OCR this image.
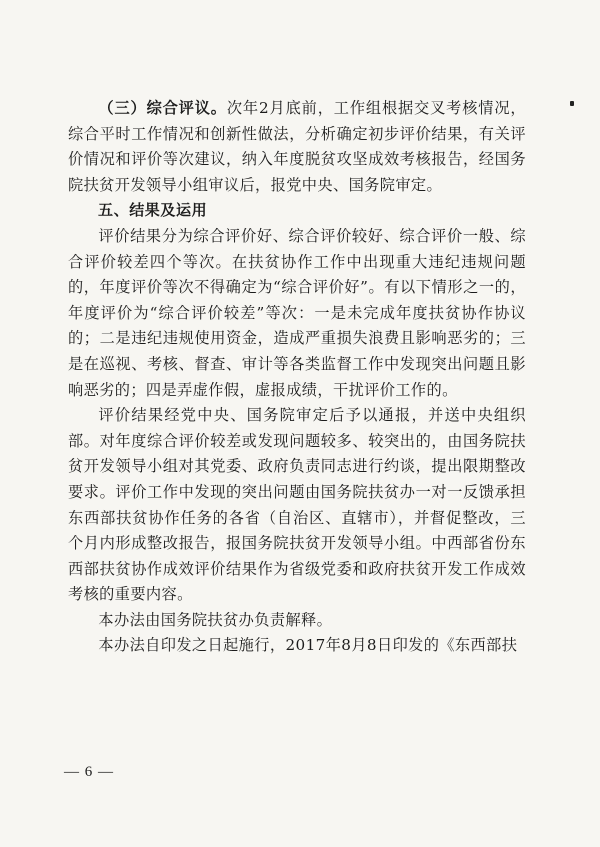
（三）综合评议。次年2月底前，工作组根据交叉考核情况，综合平时工作情况和创新性做法，分析确定初步评价结果，有关评价情况和评价等次建议，纳入年度脱贫攻坚成效考核报告，经国务院扶贫开发领导小组审议后，报党中央、国务院审定。

五、结果及运用

评价结果分为综合评价好、综合评价较好、综合评价一般、综合评价较差四个等次。在扶贫协作工作中出现重大违纪违规问题的，年度评价等次不得确定为“综合评价好”。有以下情形之一的，年度评价为“综合评价较差”等次：一是未完成年度扶贫协作协议的；二是违纪违规使用资金，造成严重损失浪费且影响恶劣的；三是在巡视、考核、督查、审计等各类监督工作中发现突出问题且影响恶劣的；四是弄虚作假，虚报成绩，干扰评价工作的。

评价结果经党中央、国务院审定后予以通报，并送中央组织部。对年度综合评价较差或发现问题较多、较突出的，由国务院扶贫开发领导小组对其党委、政府负责同志进行约谈，提出限期整改要求。评价工作中发现的突出问题由国务院扶贫办一对一反馈承担东西部扶贫协作任务的各省（自治区、直辖市），并督促整改，三个月内形成整改报告，报国务院扶贫开发领导小组。中西部省份东西部扶贫协作成效评价结果作为省级党委和政府扶贫开发工作成效考核的重要内容。

本办法由国务院扶贫办负责解释。

本办法自印发之日起施行，2017年8月8日印发的《东西部扶

— 6 —
